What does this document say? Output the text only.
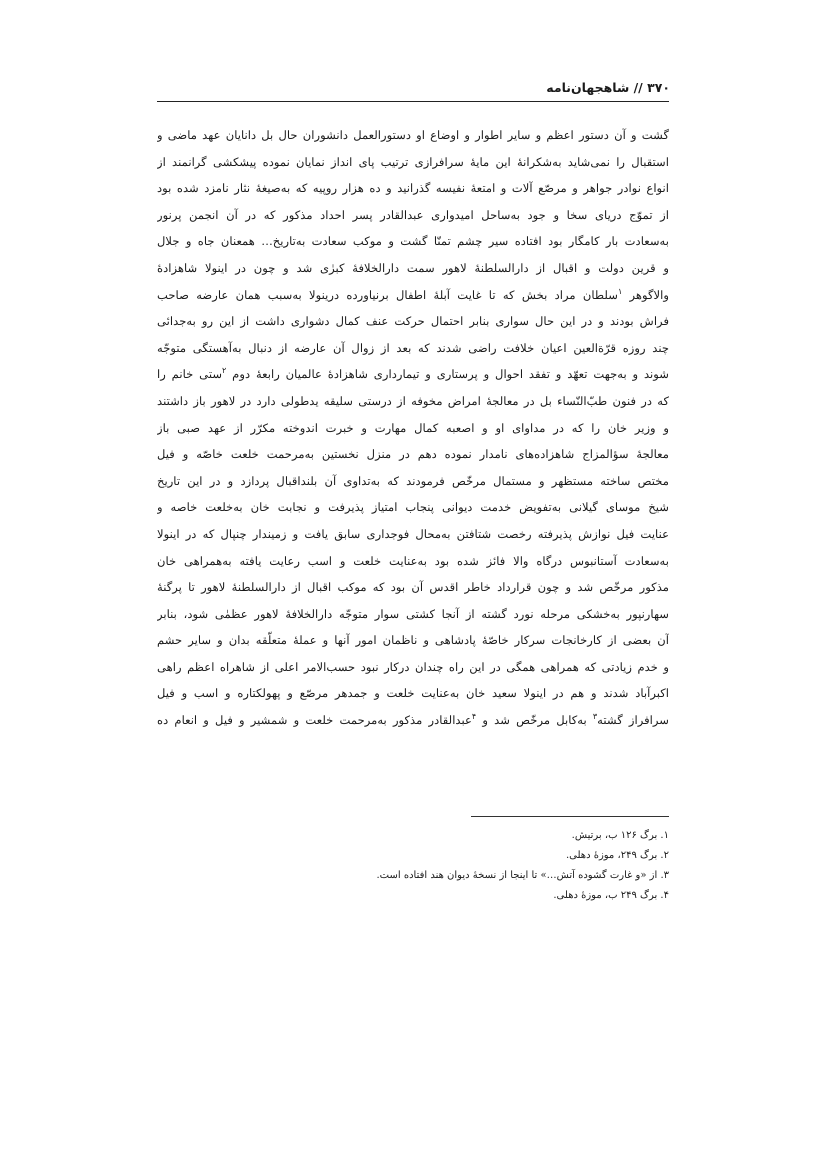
۳۷۰ // شاهجهان‌نامه
گشت و آن دستور اعظم و سایر اطوار و اوضاع او دستورالعمل دانشوران حال بل دانایان عهد ماضی و
استقبال را نمی‌شاید به‌شکرانهٔ این مایهٔ سرافرازی ترتیب پای انداز نمایان نموده پیشکشی گرانمند از
انواع نوادر جواهر و مرصّع آلات و امتعهٔ نفیسه گذرانید و ده هزار روپیه که به‌صیغهٔ نثار نامزد شده بود
از تموّج دریای سخا و جود به‌ساحل امیدواری عبدالقادر پسر احداد مذکور که در آن انجمن پرنور
به‌سعادت بار کامگار بود افتاده سیر چشم تمنّا گشت و موکب سعادت به‌تاریخ… همعنان جاه و جلال
و قرین دولت و اقبال از دارالسلطنهٔ لاهور سمت دارالخلافهٔ کبرٰی شد و چون در اینولا شاهزادهٔ
والاگوهر $^۱$سلطان مراد بخش که تا غایت آبلهٔ اطفال برنیاورده درینولا به‌سبب همان عارضه صاحب
فراش بودند و در این حال سواری بنابر احتمال حرکت عنف کمال دشواری داشت از این رو به‌جدائی
چند روزه قرّةالعین اعیان خلافت راضی شدند که بعد از زوال آن عارضه از دنبال به‌آهستگی متوجّه
شوند و به‌جهت تعهّد و تفقد احوال و پرستاری و تیمارداری شاهزادهٔ عالمیان رابعهٔ دوم $^۲$ستی خانم را
که در فنون طبّ‌النّساء بل در معالجهٔ امراض مخوفه از درستی سلیقه یدطولی دارد در لاهور باز داشتند
و وزیر خان را که در مداوای او و اصعبه کمال مهارت و خبرت اندوخته مکرّر از عهد صبی باز
معالجهٔ سؤالمزاج شاهزاده‌های نامدار نموده دهم در منزل نخستین به‌مرحمت خلعت خاصّه و فیل
مختص ساخته مستظهر و مستمال مرخّص فرمودند که به‌تداوی آن بلنداقبال پردازد و در این تاریخ
شیخ موسای گیلانی به‌تفویض خدمت دیوانی پنجاب امتیاز پذیرفت و نجابت خان به‌خلعت خاصه و
عنایت فیل نوازش پذیرفته رخصت شتافتن به‌محال فوجداری سابق یافت و زمیندار چنپال که در اینولا
به‌سعادت آستانبوس درگاه والا فائز شده بود به‌عنایت خلعت و اسب رعایت یافته به‌همراهی خان
مذکور مرخّص شد و چون قرارداد خاطر اقدس آن بود که موکب اقبال از دارالسلطنهٔ لاهور تا پرگنهٔ
سهارنپور به‌خشکی مرحله نورد گشته از آنجا کشتی سوار متوجّه دارالخلافهٔ لاهور عظمٰی شود، بنابر
آن بعضی از کارخانجات سرکار خاصّهٔ پادشاهی و ناظمان امور آنها و عملهٔ متعلّقه بدان و سایر حشم
و خدم زیادتی که همراهی همگی در این راه چندان درکار نبود حسب‌الامر اعلی از شاهراه اعظم راهی
اکبرآباد شدند و هم در اینولا سعید خان به‌عنایت خلعت و جمدهر مرصّع و پهولکتاره و اسب و فیل
سرافراز گشته$^۳$ به‌کابل مرخّص شد و $^۴$عبدالقادر مذکور به‌مرحمت خلعت و شمشیر و فیل و انعام ده
۱. برگ ۱۲۶ ب، برتیش.
۲. برگ ۲۴۹، موزهٔ دهلی.
۳. از «و غارت گشوده آتش…» تا اینجا از نسخهٔ دیوان هند افتاده است.
۴. برگ ۲۴۹ ب، موزهٔ دهلی.
